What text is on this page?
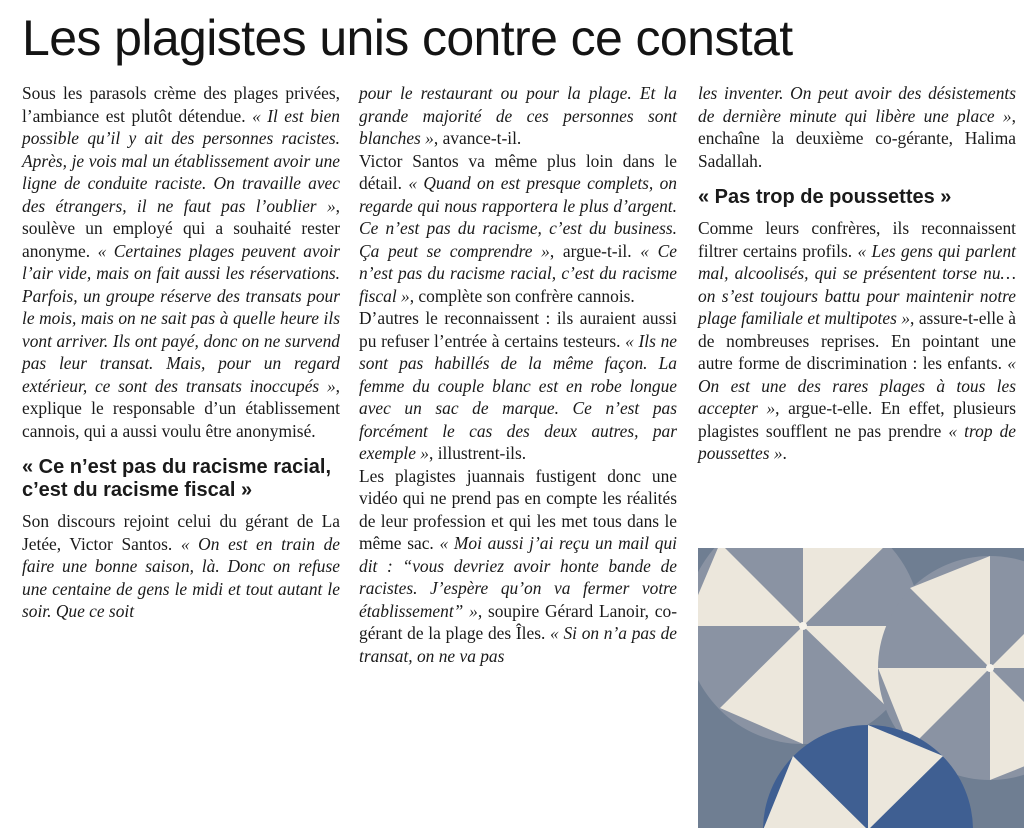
Les plagistes unis contre ce constat

Sous les parasols crème des plages privées, l’ambiance est plutôt détendue. « Il est bien possible qu’il y ait des personnes racistes. Après, je vois mal un établissement avoir une ligne de conduite raciste. On travaille avec des étrangers, il ne faut pas l’oublier », soulève un employé qui a souhaité rester anonyme. « Certaines plages peuvent avoir l’air vide, mais on fait aussi les réservations. Parfois, un groupe réserve des transats pour le mois, mais on ne sait pas à quelle heure ils vont arriver. Ils ont payé, donc on ne survend pas leur transat. Mais, pour un regard extérieur, ce sont des transats inoccupés », explique le responsable d’un établissement cannois, qui a aussi voulu être anonymisé.

« Ce n’est pas du racisme racial, c’est du racisme fiscal »

Son discours rejoint celui du gérant de La Jetée, Victor Santos. « On est en train de faire une bonne saison, là. Donc on refuse une centaine de gens le midi et tout autant le soir. Que ce soit

pour le restaurant ou pour la plage. Et la grande majorité de ces personnes sont blanches », avance-t-il.

Victor Santos va même plus loin dans le détail. « Quand on est presque complets, on regarde qui nous rapportera le plus d’argent. Ce n’est pas du racisme, c’est du business. Ça peut se comprendre », argue-t-il. « Ce n’est pas du racisme racial, c’est du racisme fiscal », complète son confrère cannois.

D’autres le reconnaissent : ils auraient aussi pu refuser l’entrée à certains testeurs. « Ils ne sont pas habillés de la même façon. La femme du couple blanc est en robe longue avec un sac de marque. Ce n’est pas forcément le cas des deux autres, par exemple », illustrent-ils.

Les plagistes juannais fustigent donc une vidéo qui ne prend pas en compte les réalités de leur profession et qui les met tous dans le même sac. « Moi aussi j’ai reçu un mail qui dit : “vous devriez avoir honte bande de racistes. J’espère qu’on va fermer votre établissement” », soupire Gérard Lanoir, co-gérant de la plage des Îles. « Si on n’a pas de transat, on ne va pas

les inventer. On peut avoir des désistements de dernière minute qui libère une place », enchaîne la deuxième co-gérante, Halima Sadallah.

« Pas trop de poussettes »

Comme leurs confrères, ils reconnaissent filtrer certains profils. « Les gens qui parlent mal, alcoolisés, qui se présentent torse nu… on s’est toujours battu pour maintenir notre plage familiale et multipotes », assure-t-elle à de nombreuses reprises. En pointant une autre forme de discrimination : les enfants. « On est une des rares plages à tous les accepter », argue-t-elle. En effet, plusieurs plagistes soufflent ne pas prendre « trop de poussettes ».
